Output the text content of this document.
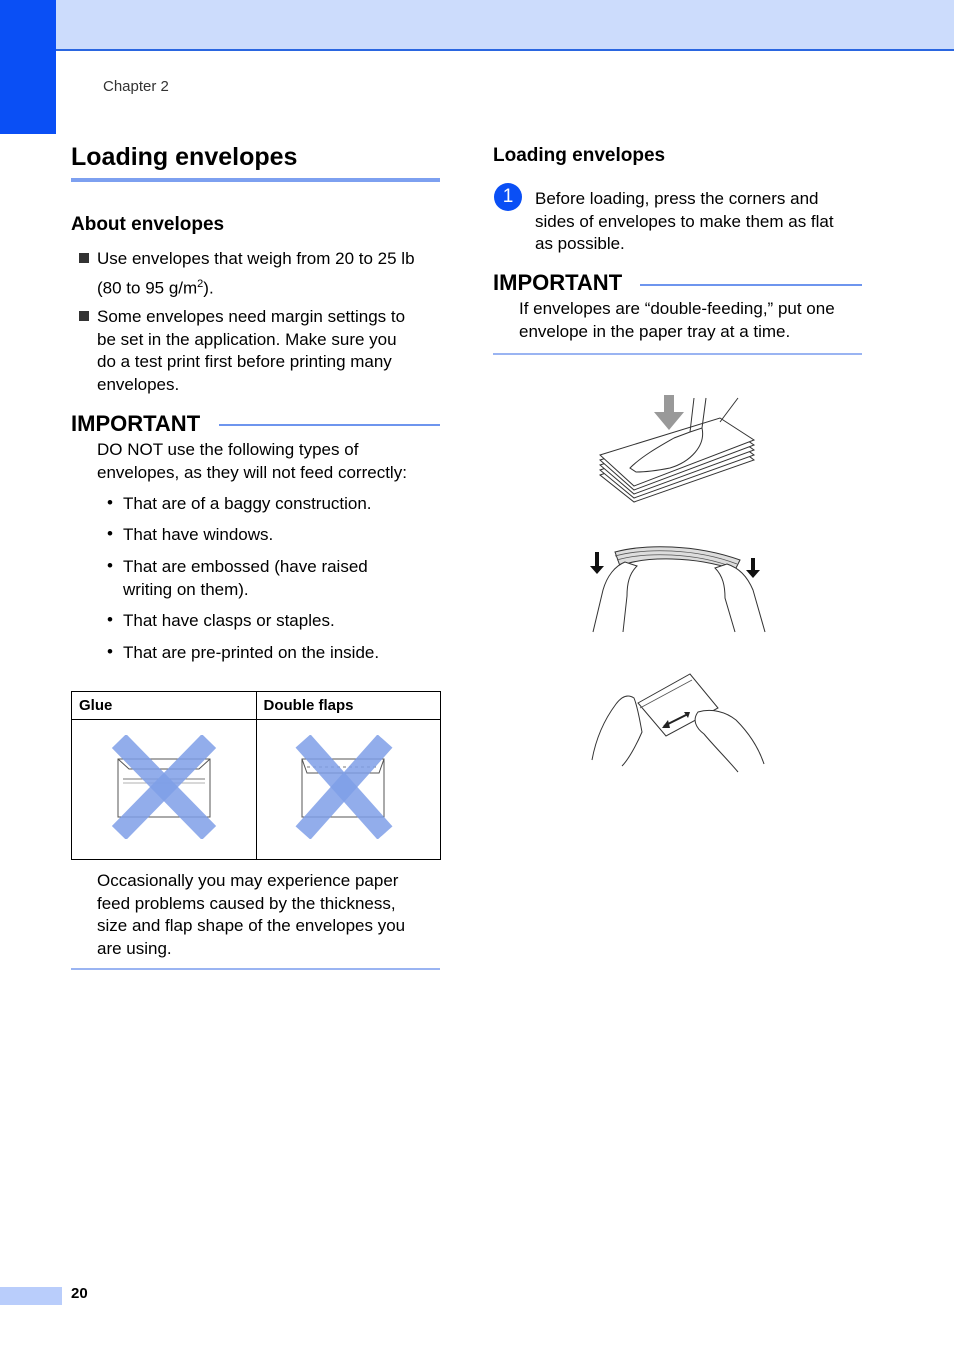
Chapter 2
Loading envelopes
About envelopes
Use envelopes that weigh from 20 to 25 lb
(80 to 95 $g/m^2$).
Some envelopes need margin settings to
be set in the application. Make sure you
do a test print first before printing many
envelopes.
IMPORTANT
DO NOT use the following types of
envelopes, as they will not feed correctly:
• That are of a baggy construction.
• That have windows.
• That are embossed (have raised
writing on them).
• That have clasps or staples.
• That are pre-printed on the inside.
Glue	Double flaps

Occasionally you may experience paper
feed problems caused by the thickness,
size and flap shape of the envelopes you
are using.
Loading envelopes
1	Before loading, press the corners and
sides of envelopes to make them as flat
as possible.
IMPORTANT
If envelopes are “double-feeding,” put one
envelope in the paper tray at a time.
20
